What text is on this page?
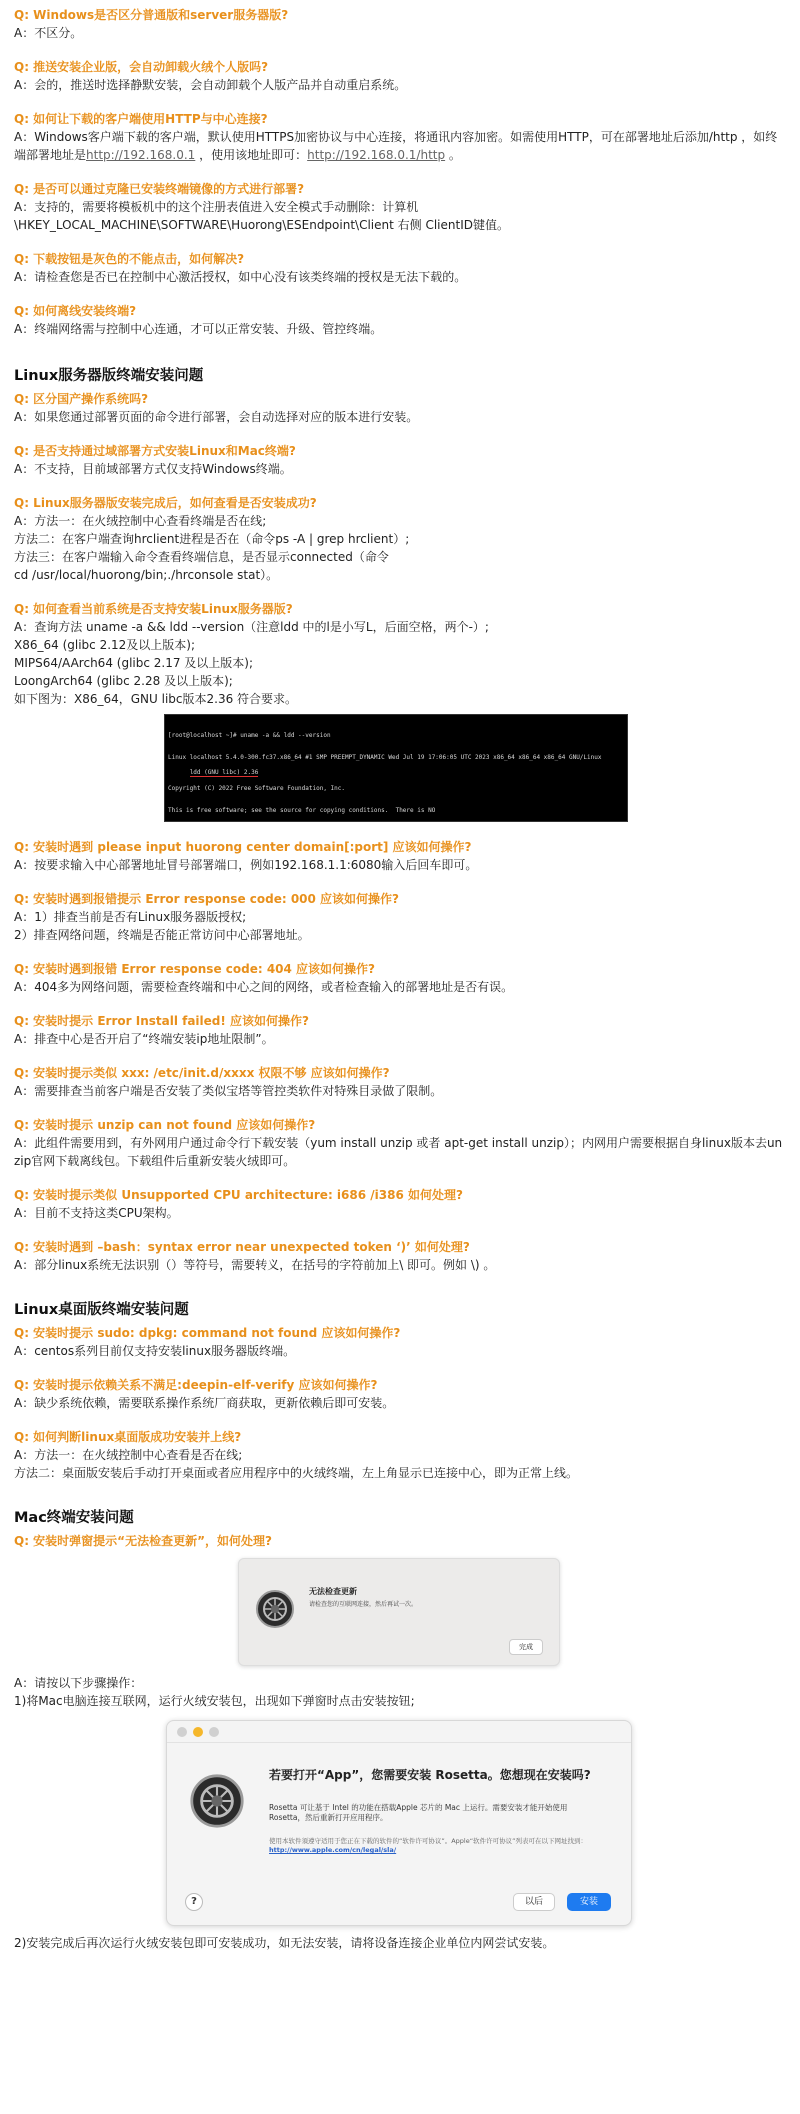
Q: Windows是否区分普通版和server服务器版?
A：不区分。
Q: 推送安装企业版，会自动卸载火绒个人版吗?
A：会的，推送时选择静默安装，会自动卸载个人版产品并自动重启系统。
Q: 如何让下载的客户端使用HTTP与中心连接?
A：Windows客户端下载的客户端，默认使用HTTPS加密协议与中心连接，将通讯内容加密。如需使用HTTP，可在部署地址后添加/http ，如终端部署地址是http://192.168.0.1 ，使用该地址即可：http://192.168.0.1/http 。
Q: 是否可以通过克隆已安装终端镜像的方式进行部署?
A：支持的，需要将模板机中的这个注册表值进入安全模式手动删除：计算机
\HKEY_LOCAL_MACHINE\SOFTWARE\Huorong\ESEndpoint\Client 右侧 ClientID键值。
Q: 下载按钮是灰色的不能点击，如何解决?
A：请检查您是否已在控制中心激活授权，如中心没有该类终端的授权是无法下载的。
Q: 如何离线安装终端?
A：终端网络需与控制中心连通，才可以正常安装、升级、管控终端。
Linux服务器版终端安装问题
Q: 区分国产操作系统吗?
A：如果您通过部署页面的命令进行部署，会自动选择对应的版本进行安装。
Q: 是否支持通过域部署方式安装Linux和Mac终端?
A：不支持，目前域部署方式仅支持Windows终端。
Q: Linux服务器版安装完成后，如何查看是否安装成功?
A：方法一：在火绒控制中心查看终端是否在线;
方法二：在客户端查询hrclient进程是否在（命令ps -A | grep hrclient）;
方法三：在客户端输入命令查看终端信息，是否显示connected（命令
cd /usr/local/huorong/bin;./hrconsole stat）。
Q: 如何查看当前系统是否支持安装Linux服务器版?
A：查询方法 uname -a && ldd --version（注意ldd 中的l是小写L，后面空格，两个-）;
X86_64 (glibc 2.12及以上版本);
MIPS64/AArch64 (glibc 2.17 及以上版本);
LoongArch64 (glibc 2.28 及以上版本);
如下图为：X86_64，GNU libc版本2.36 符合要求。

[root@localhost ~]# uname -a && ldd --version

Linux localhost 5.4.0-300.fc37.x86_64 #1 SMP PREEMPT_DYNAMIC Wed Jul 19 17:06:05 UTC 2023 x86_64 x86_64 x86_64 GNU/Linux

ldd (GNU libc) 2.36

Copyright (C) 2022 Free Software Foundation, Inc.

This is free software; see the source for copying conditions.  There is NO

Q: 安装时遇到 please input huorong center domain[:port] 应该如何操作?
A：按要求输入中心部署地址冒号部署端口，例如192.168.1.1:6080输入后回车即可。
Q: 安装时遇到报错提示 Error response code: 000 应该如何操作?
A：1）排查当前是否有Linux服务器版授权;
2）排查网络问题，终端是否能正常访问中心部署地址。
Q: 安装时遇到报错 Error response code: 404 应该如何操作?
A：404多为网络问题，需要检查终端和中心之间的网络，或者检查输入的部署地址是否有误。
Q: 安装时提示 Error Install failed! 应该如何操作?
A：排查中心是否开启了“终端安装ip地址限制”。
Q: 安装时提示类似 xxx: /etc/init.d/xxxx 权限不够 应该如何操作?
A：需要排查当前客户端是否安装了类似宝塔等管控类软件对特殊目录做了限制。
Q: 安装时提示 unzip can not found 应该如何操作?
A：此组件需要用到，有外网用户通过命令行下载安装（yum install unzip 或者 apt-get install unzip）；内网用户需要根据自身linux版本去unzip官网下载离线包。下载组件后重新安装火绒即可。
Q: 安装时提示类似 Unsupported CPU architecture: i686 /i386 如何处理?
A：目前不支持这类CPU架构。
Q: 安装时遇到 –bash：syntax error near unexpected token ‘)’ 如何处理?
A：部分linux系统无法识别（）等符号，需要转义，在括号的字符前加上\ 即可。例如 \) 。
Linux桌面版终端安装问题
Q: 安装时提示 sudo: dpkg: command not found 应该如何操作?
A：centos系列目前仅支持安装linux服务器版终端。
Q: 安装时提示依赖关系不满足:deepin-elf-verify 应该如何操作?
A：缺少系统依赖，需要联系操作系统厂商获取，更新依赖后即可安装。
Q: 如何判断linux桌面版成功安装并上线?
A：方法一：在火绒控制中心查看是否在线;
方法二：桌面版安装后手动打开桌面或者应用程序中的火绒终端，左上角显示已连接中心，即为正常上线。
Mac终端安装问题
Q: 安装时弹窗提示“无法检查更新”，如何处理?
无法检查更新
请检查您的互联网连接，然后再试一次。
完成
A：请按以下步骤操作：
1)将Mac电脑连接互联网，运行火绒安装包，出现如下弹窗时点击安装按钮;
若要打开“App”，您需要安装 Rosetta。您想现在安装吗?
Rosetta 可让基于 Intel 的功能在搭载Apple 芯片的 Mac 上运行。需要安装才能开始使用 Rosetta，然后重新打开应用程序。
使用本软件須遵守适用于您正在下载的软件的“软件许可协议”。Apple“软件许可协议”列表可在以下网址找到：http://www.apple.com/cn/legal/sla/
?	以后	安装
2)安装完成后再次运行火绒安装包即可安装成功，如无法安装，请将设备连接企业单位内网尝试安装。
